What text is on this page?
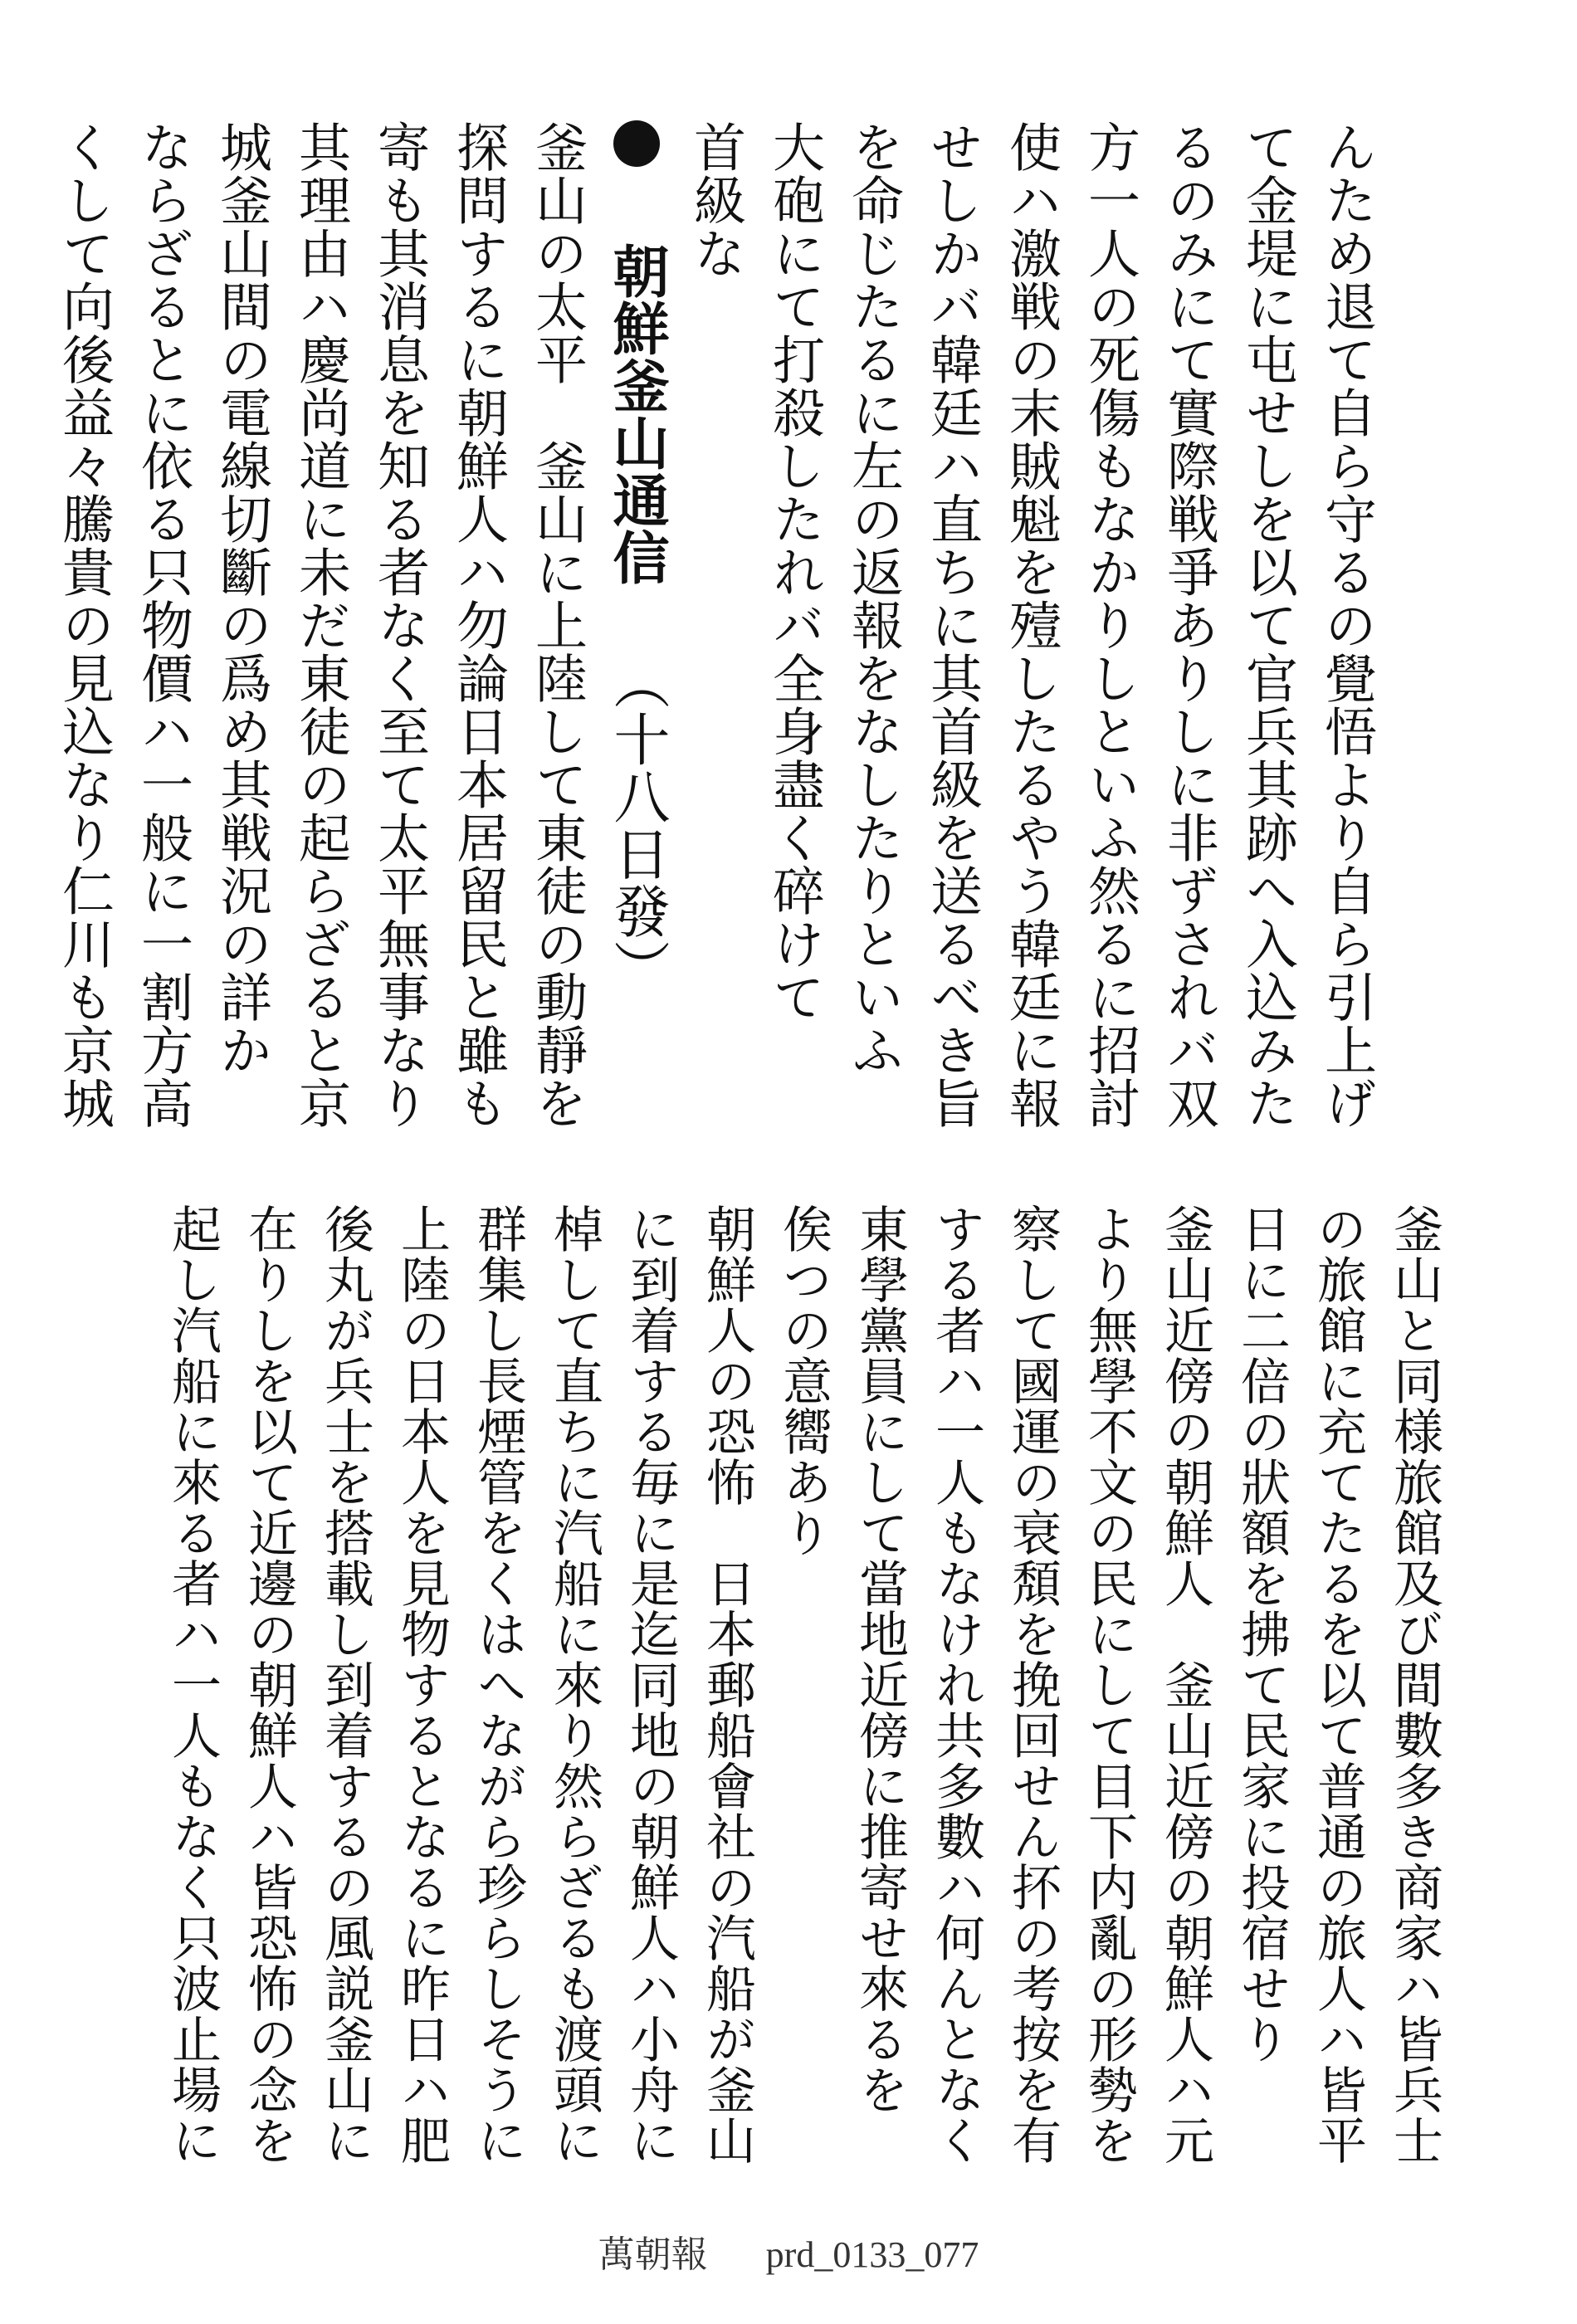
んため退て自ら守るの覺悟より自ら引上げ
て金堤に屯せしを以て官兵其跡へ入込みた
るのみにて實際戦爭ありしに非ずされバ双
方一人の死傷もなかりしといふ然るに招討
使ハ激戦の末賊魁を殪したるやう韓廷に報
せしかバ韓廷ハ直ちに其首級を送るべき旨
を命じたるに左の返報をなしたりといふ
大砲にて打殺したれバ全身盡く碎けて
首級な
朝鮮釜山通信 （十八日發）
釜山の太平　釜山に上陸して東徒の動靜を
探問するに朝鮮人ハ勿論日本居留民と雖も
寄も其消息を知る者なく至て太平無事なり
其理由ハ慶尚道に未だ東徒の起らざると京
城釜山間の電線切斷の爲め其戦況の詳か
ならざるとに依る只物價ハ一般に一割方高
くして向後益々騰貴の見込なり仁川も京城
釜山と同様旅館及び間數多き商家ハ皆兵士
の旅館に充てたるを以て普通の旅人ハ皆平
日に二倍の狀額を拂て民家に投宿せり
釜山近傍の朝鮮人　釜山近傍の朝鮮人ハ元
より無學不文の民にして目下内亂の形勢を
察して國運の衰頽を挽回せん抔の考按を有
する者ハ一人もなけれ共多數ハ何んとなく
東學黨員にして當地近傍に推寄せ來るを
俟つの意嚮あり
朝鮮人の恐怖　日本郵船會社の汽船が釜山
に到着する毎に是迄同地の朝鮮人ハ小舟に
棹して直ちに汽船に來り然らざるも渡頭に
群集し長煙管をくはへながら珍らしそうに
上陸の日本人を見物するとなるに昨日ハ肥
後丸が兵士を搭載し到着するの風説釜山に
在りしを以て近邊の朝鮮人ハ皆恐怖の念を
起し汽船に來る者ハ一人もなく只波止場に
萬朝報 prd_0133_077
